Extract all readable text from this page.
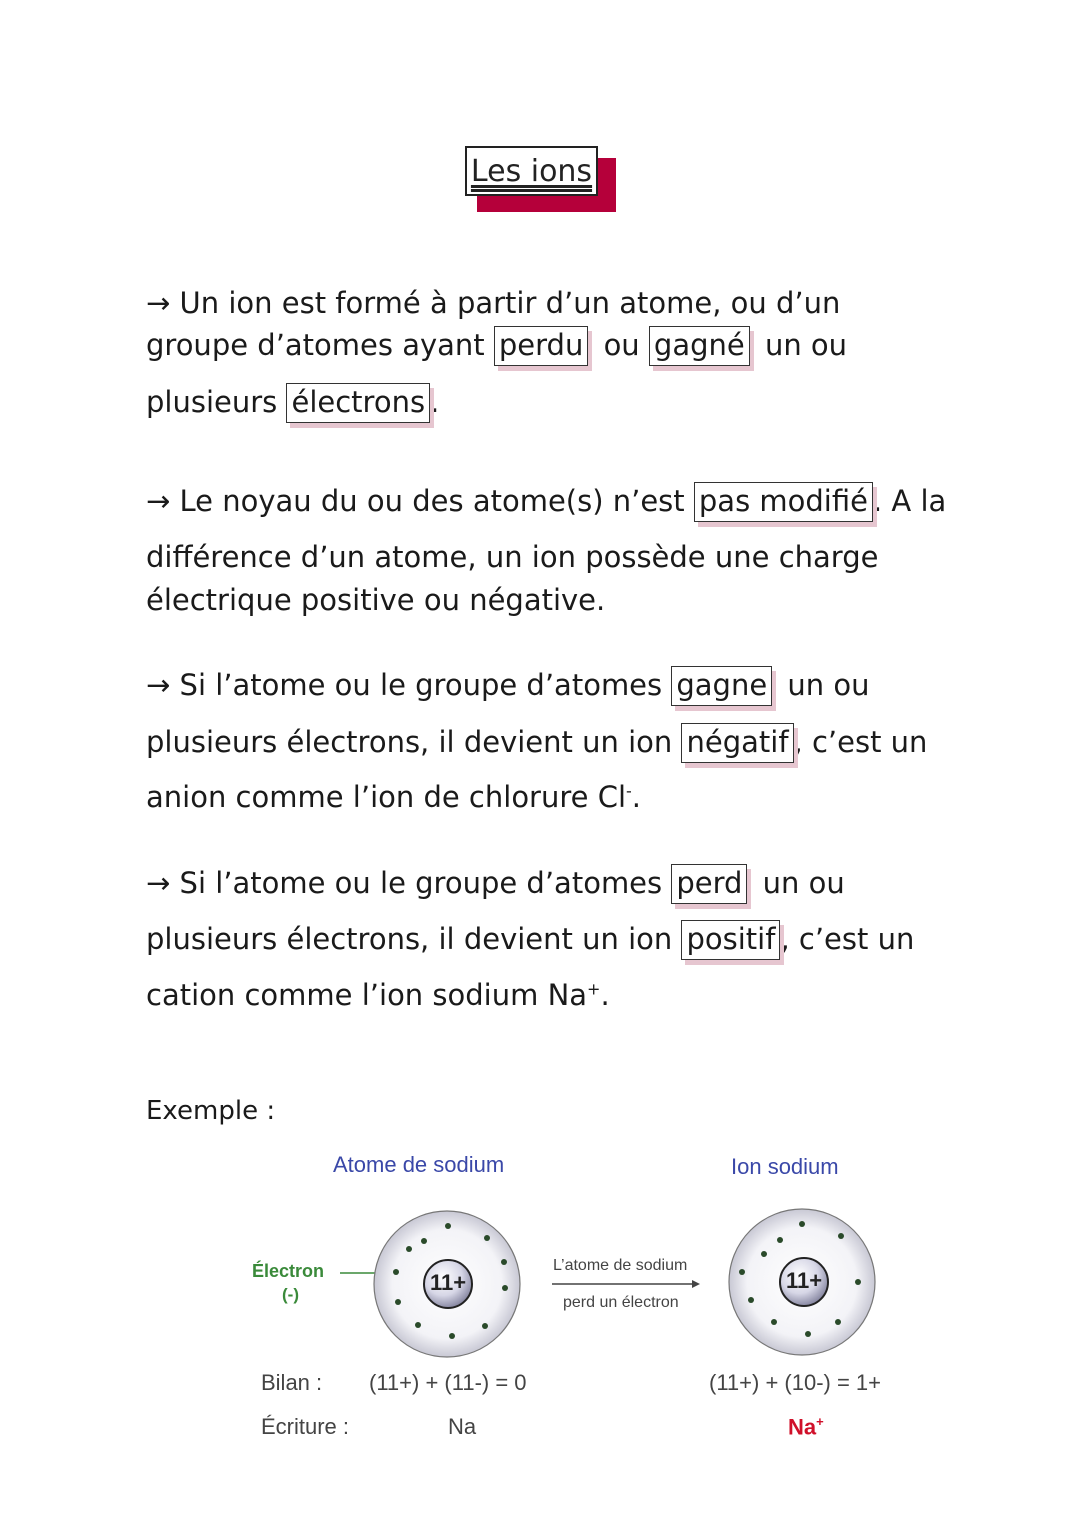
Les ions
→ Un ion est formé à partir d’un atome, ou d’un
groupe d’atomes ayant perdu ou gagné un ou
plusieurs électrons .
→ Le noyau du ou des atome(s) n’est pas modifié . A la
différence d’un atome, un ion possède une charge
électrique positive ou négative.
→ Si l’atome ou le groupe d’atomes gagne un ou
plusieurs électrons, il devient un ion négatif , c’est un
anion comme l’ion de chlorure Cl-.
→ Si l’atome ou le groupe d’atomes perd un ou
plusieurs électrons, il devient un ion positif , c’est un
cation comme l’ion sodium Na+.
Exemple :
Atome de sodium	Ion sodium
Électron
(-)	11+	11+
L’atome de sodium
perd un électron
Bilan : (11+) + (11-) = 0	(11+) + (10-) = 1+
Écriture :	Na	Na+
